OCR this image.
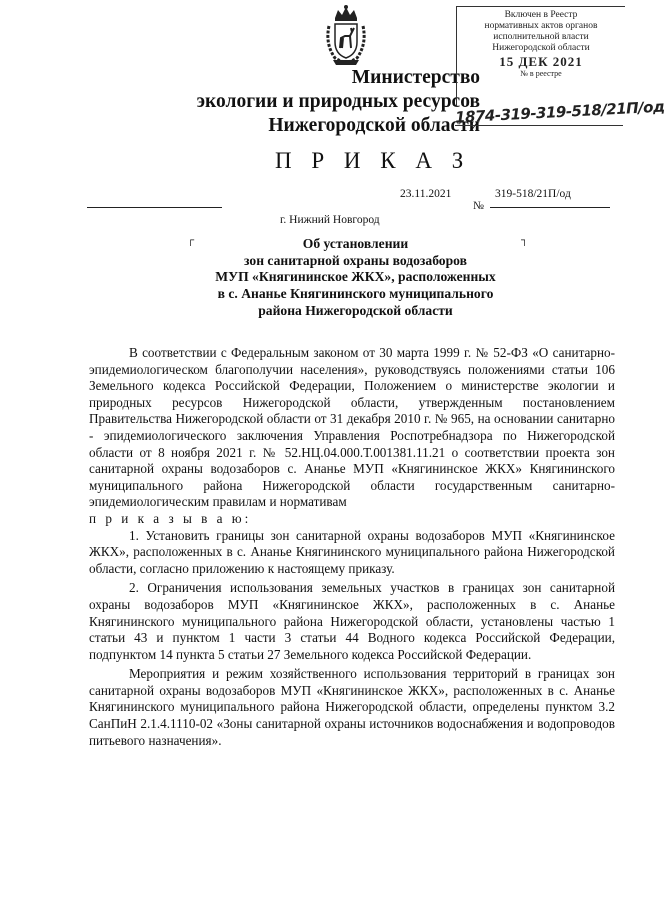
Министерство
экологии и природных ресурсов
Нижегородской области
Включен в Реестр
нормативных актов органов
исполнительной власти
Нижегородской области
15 ДЕК 2021
№ в реестре
1874-319-319-518/21П/од
П Р И К А З
23.11.2021	319-518/21П/од
№
г. Нижний Новгород
┌	┐
Об установлении
зон санитарной охраны водозаборов
МУП «Княгининское ЖКХ», расположенных
в с. Ананье Княгининского муниципального
района Нижегородской области

В соответствии с Федеральным законом от 30 марта 1999 г. № 52-ФЗ «О санитарно-эпидемиологическом благополучии населения», руководствуясь положениями статьи 106 Земельного кодекса Российской Федерации, Положением о министерстве экологии и природных ресурсов Нижегородской области, утвержденным постановлением Правительства Нижегородской области от 31 декабря 2010 г. № 965, на основании санитарно - эпидемиологического заключения Управления Роспотребнадзора по Нижегородской области от 8 ноября 2021 г. № 52.НЦ.04.000.Т.001381.11.21 о соответствии проекта зон санитарной охраны водозаборов с. Ананье МУП «Княгининское ЖКХ» Княгининского муниципального района Нижегородской области государственным санитарно-эпидемиологическим правилам и нормативам

п р и к а з ы в а ю:

1. Установить границы зон санитарной охраны водозаборов МУП «Княгининское ЖКХ», расположенных в с. Ананье Княгининского муниципального района Нижегородской области, согласно приложению к настоящему приказу.

2. Ограничения использования земельных участков в границах зон санитарной охраны водозаборов МУП «Княгининское ЖКХ», расположенных в с. Ананье Княгининского муниципального района Нижегородской области, установлены частью 1 статьи 43 и пунктом 1 части 3 статьи 44 Водного кодекса Российской Федерации, подпунктом 14 пункта 5 статьи 27 Земельного кодекса Российской Федерации.

Мероприятия и режим хозяйственного использования территорий в границах зон санитарной охраны водозаборов МУП «Княгининское ЖКХ», расположенных в с. Ананье Княгининского муниципального района Нижегородской области, определены пунктом 3.2 СанПиН 2.1.4.1110-02 «Зоны санитарной охраны источников водоснабжения и водопроводов питьевого назначения».
